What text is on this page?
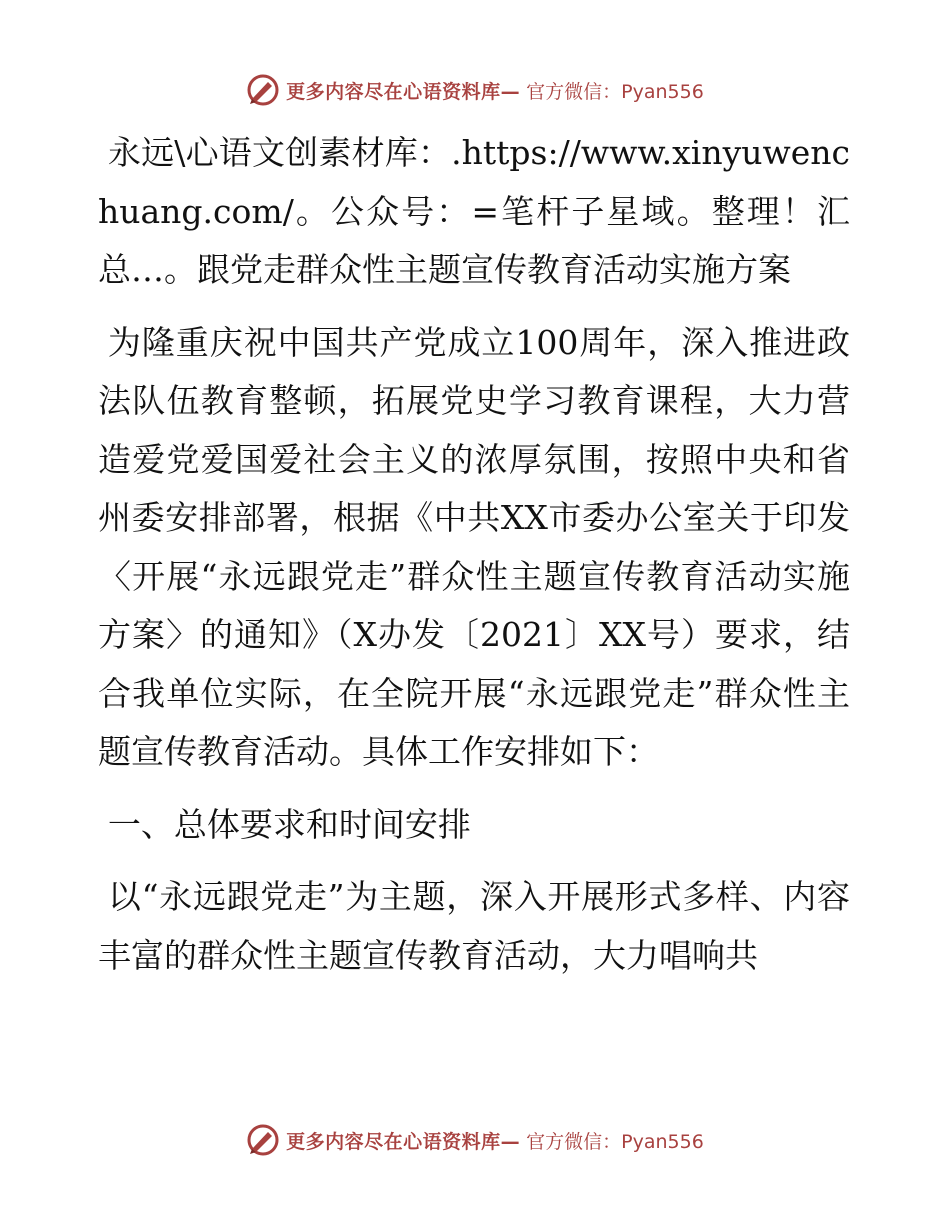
更多内容尽在心语资料库— 官方微信：Pyan556

永远\心语文创素材库：.https://www.xinyuwenchuang.com/。公众号：=笔杆子星域。整理！汇总…。跟党走群众性主题宣传教育活动实施方案

为隆重庆祝中国共产党成立100周年，深入推进政法队伍教育整顿，拓展党史学习教育课程，大力营造爱党爱国爱社会主义的浓厚氛围，按照中央和省州委安排部署，根据《中共XX市委办公室关于印发〈开展“永远跟党走”群众性主题宣传教育活动实施方案〉的通知》（X办发〔2021〕XX号）要求，结合我单位实际，在全院开展“永远跟党走”群众性主题宣传教育活动。具体工作安排如下：

一、总体要求和时间安排

以“永远跟党走”为主题，深入开展形式多样、内容丰富的群众性主题宣传教育活动，大力唱响共

更多内容尽在心语资料库— 官方微信：Pyan556
